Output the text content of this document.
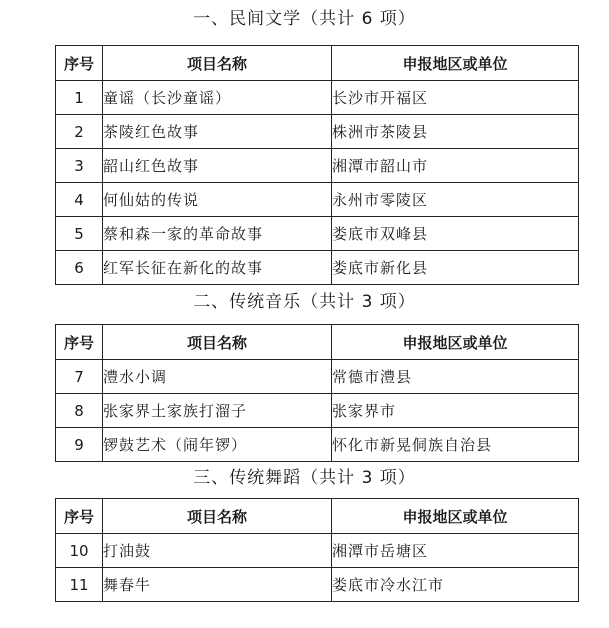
一、民间文学（共计 6 项）
序号	项目名称	申报地区或单位
1	童谣（长沙童谣）	长沙市开福区
2	茶陵红色故事	株洲市茶陵县
3	韶山红色故事	湘潭市韶山市
4	何仙姑的传说	永州市零陵区
5	蔡和森一家的革命故事	娄底市双峰县
6	红军长征在新化的故事	娄底市新化县
二、传统音乐（共计 3 项）
序号	项目名称	申报地区或单位
7	澧水小调	常德市澧县
8	张家界土家族打溜子	张家界市
9	锣鼓艺术（闹年锣）	怀化市新晃侗族自治县
三、传统舞蹈（共计 3 项）
序号	项目名称	申报地区或单位
10	打油鼓	湘潭市岳塘区
11	舞春牛	娄底市冷水江市
